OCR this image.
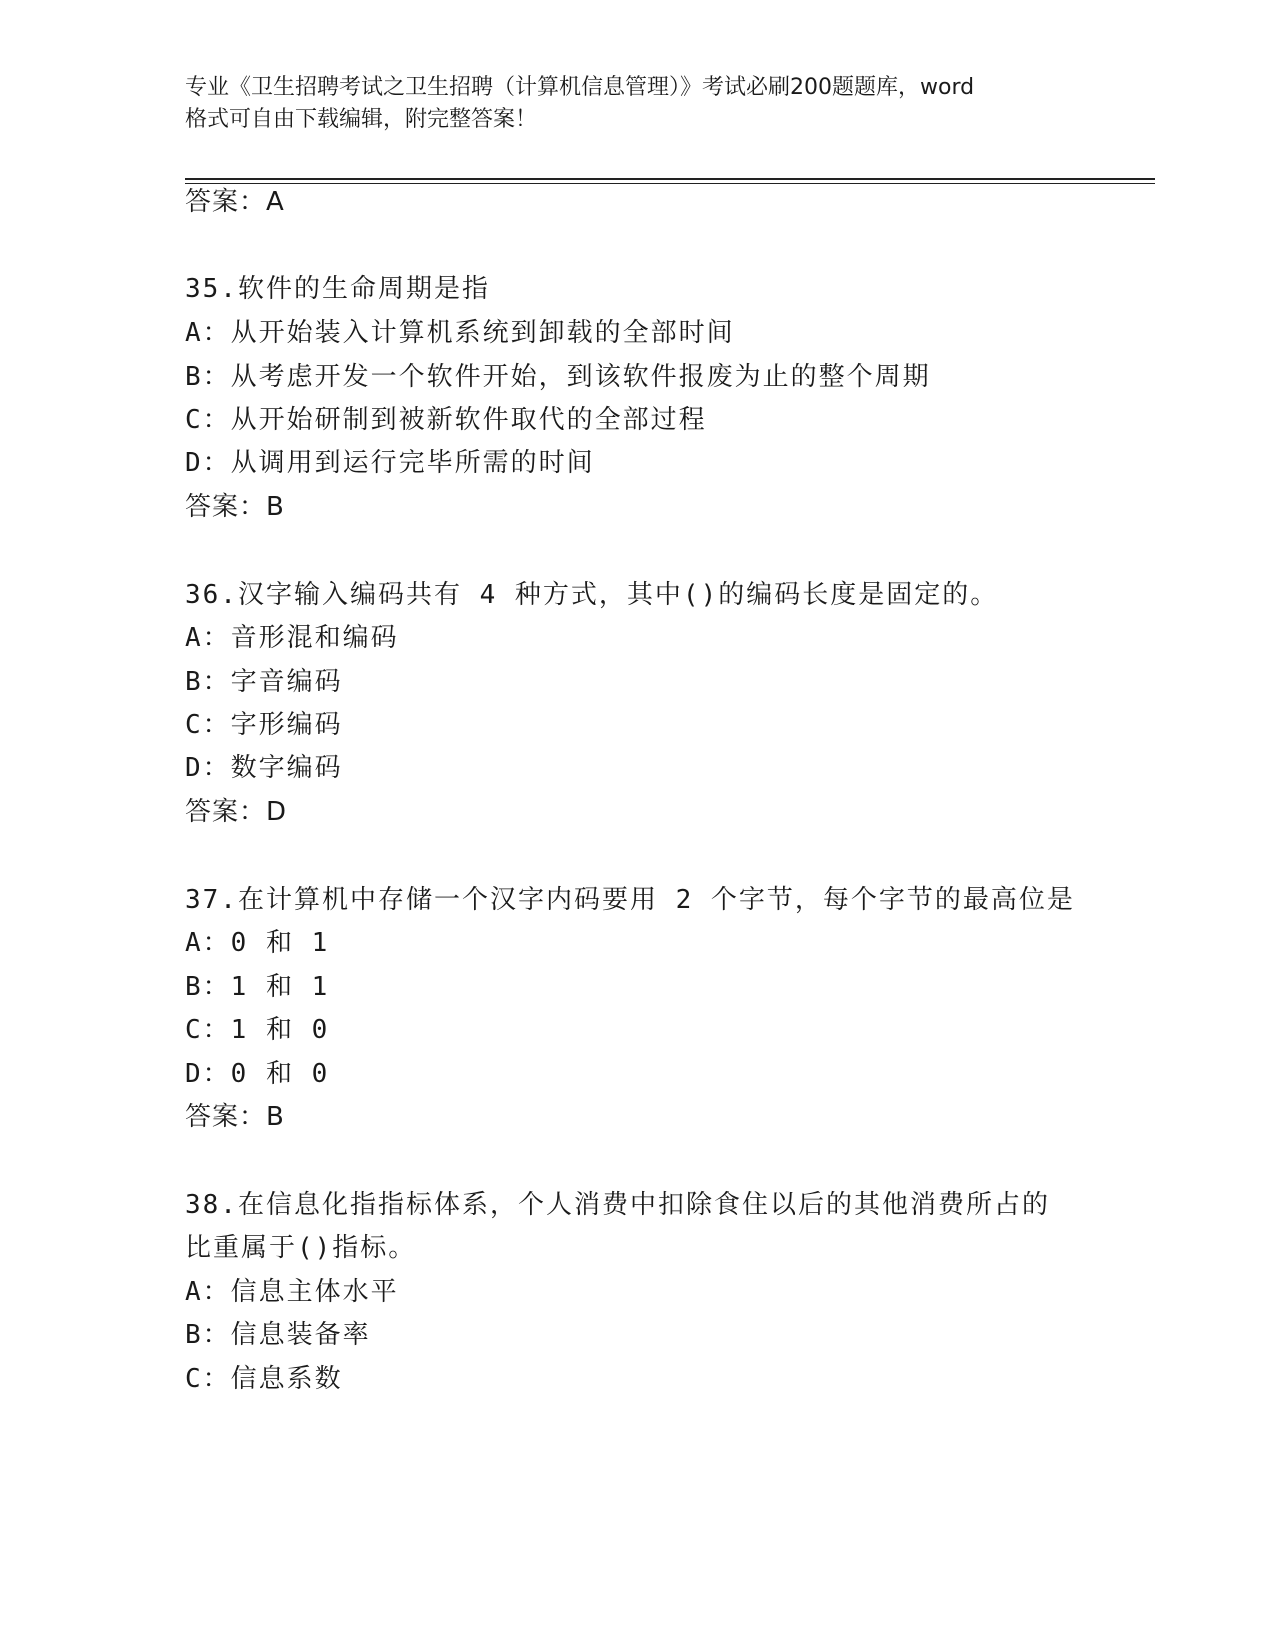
专业《卫生招聘考试之卫生招聘（计算机信息管理）》考试必刷200题题库，word
格式可自由下载编辑，附完整答案！
答案：A
35.软件的生命周期是指
A：从开始装入计算机系统到卸载的全部时间
B：从考虑开发一个软件开始，到该软件报废为止的整个周期
C：从开始研制到被新软件取代的全部过程
D：从调用到运行完毕所需的时间
答案：B
36.汉字输入编码共有 4 种方式，其中()的编码长度是固定的。
A：音形混和编码
B：字音编码
C：字形编码
D：数字编码
答案：D
37.在计算机中存储一个汉字内码要用 2 个字节，每个字节的最高位是
A：0 和 1
B：1 和 1
C：1 和 0
D：0 和 0
答案：B
38.在信息化指指标体系，个人消费中扣除食住以后的其他消费所占的
比重属于()指标。
A：信息主体水平
B：信息装备率
C：信息系数
